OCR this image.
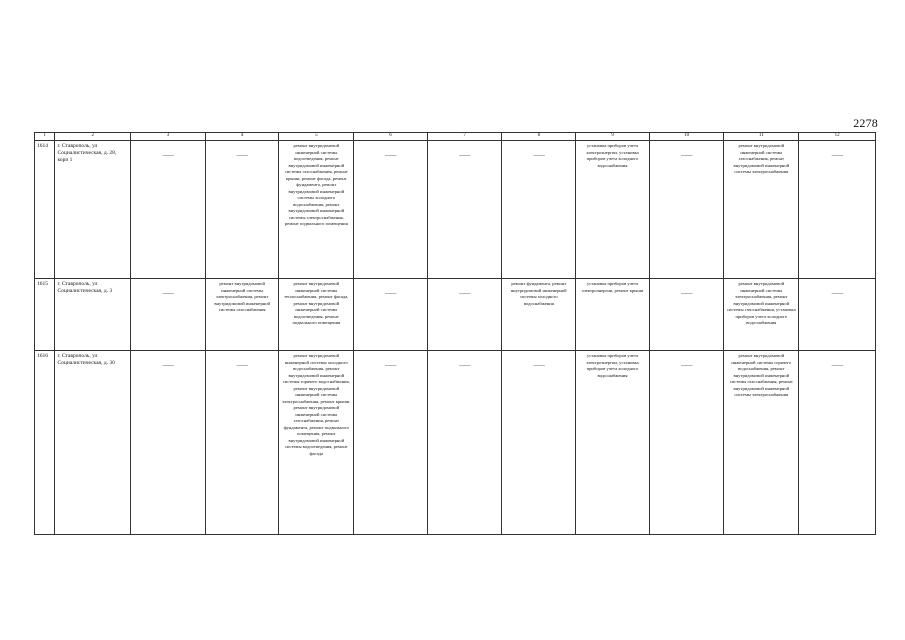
2278
1	2	3	4	5	6	7	8	9	10	11	12
1614	г. Ставрополь, ул Социалистическая, д. 28, корп 1	——	——	ремонт внутридомовой инженерной системы водоотведения, ремонт внутридомовой инженерной системы газоснабжения, ремонт крыши, ремонт фасада, ремонт фундамента, ремонт внутридомовой инженерной системы холодного водоснабжения, ремонт внутридомовой инженерной системы электроснабжения, ремонт подвального помещения	——	——	——	установка приборов учета электроэнергии, установка приборов учета холодного водоснабжения	——	ремонт внутридомовой инженерной системы газоснабжения, ремонт внутридомовой инженерной системы электроснабжения	——
1615	г. Ставрополь, ул Социалистическая, д. 3	——	ремонт внутридомовой инженерной системы электроснабжения, ремонт внутридомовой инженерной системы газоснабжения	ремонт внутридомовой инженерной системы теплоснабжения, ремонт фасада, ремонт внутридомовой инженерной системы водоотведения, ремонт подвального помещения	——	——	ремонт фундамента, ремонт внутридомовой инженерной системы холодного водоснабжения	установка приборов учета электроэнергии, ремонт крыши	——	ремонт внутридомовой инженерной системы электроснабжения, ремонт внутридомовой инженерной системы газоснабжения, установка приборов учета холодного водоснабжения	——
1616	г. Ставрополь, ул Социалистическая, д. 30	——	——	ремонт внутридомовой инженерной системы холодного водоснабжения, ремонт внутридомовой инженерной системы горячего водоснабжения, ремонт внутридомовой инженерной системы электроснабжения, ремонт крыши, ремонт внутридомовой инженерной системы газоснабжения, ремонт фундамента, ремонт подвального помещения, ремонт внутридомовой инженерной системы водоотведения, ремонт фасада	——	——	——	установка приборов учета электроэнергии, установка приборов учета холодного водоснабжения	——	ремонт внутридомовой инженерной системы горячего водоснабжения, ремонт внутридомовой инженерной системы газоснабжения, ремонт внутридомовой инженерной системы электроснабжения	——
